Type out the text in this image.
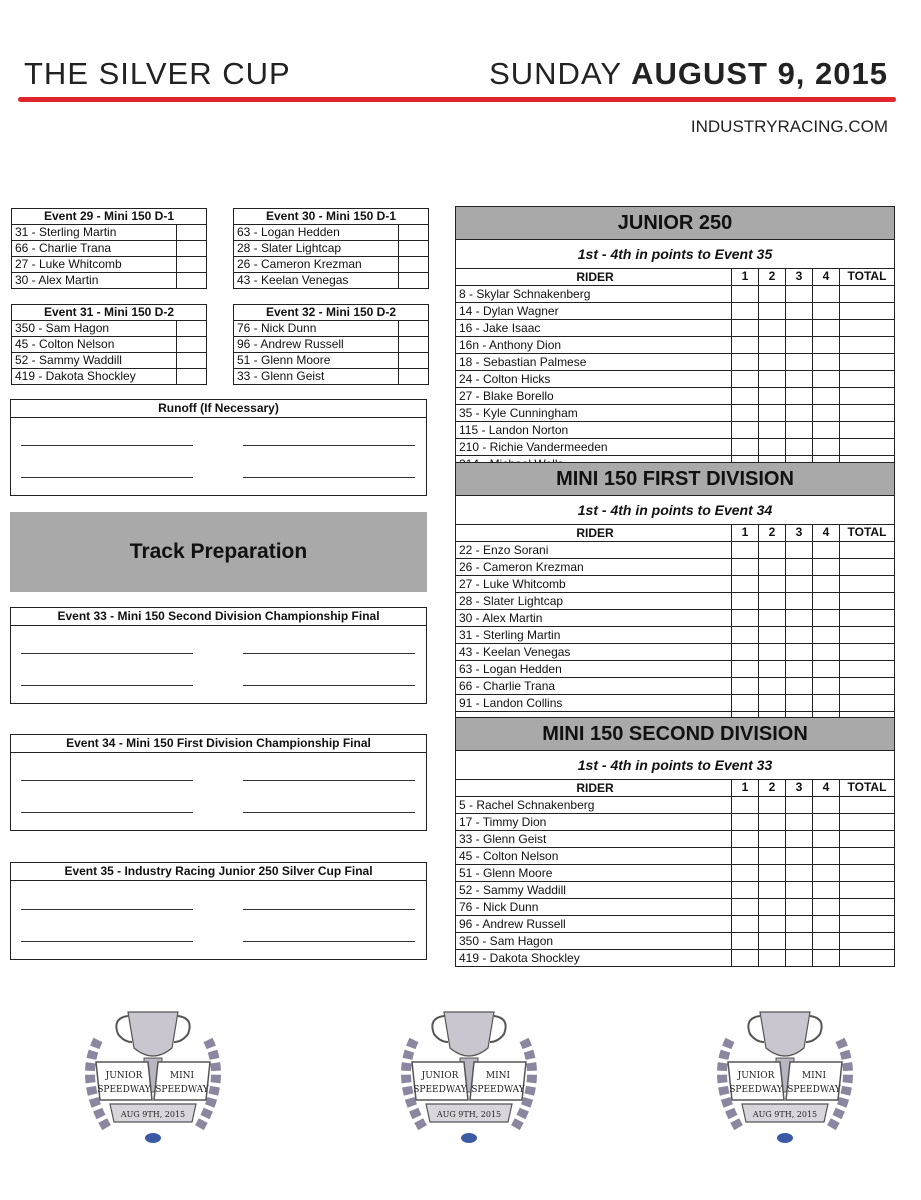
THE SILVER CUP	SUNDAY AUGUST 9, 2015
INDUSTRYRACING.COM
Event 29 - Mini 150 D-1
31 - Sterling Martin
66 - Charlie Trana
27 - Luke Whitcomb
30 - Alex Martin
Event 30 - Mini 150 D-1
63 - Logan Hedden
28 - Slater Lightcap
26 - Cameron Krezman
43 - Keelan Venegas
Event 31 - Mini 150 D-2
350 - Sam Hagon
45 - Colton Nelson
52 - Sammy Waddill
419 - Dakota Shockley
Event 32 - Mini 150 D-2
76 - Nick Dunn
96 - Andrew Russell
51 - Glenn Moore
33 - Glenn Geist
Runoff (If Necessary)
Track Preparation
Event 33 - Mini 150 Second Division Championship Final
Event 34 - Mini 150 First Division Championship Final
Event 35 - Industry Racing Junior 250 Silver Cup Final
JUNIOR 250
1st - 4th in points to Event 35
RIDER	1	2	3	4	TOTAL
8 - Skylar Schnakenberg
14 - Dylan Wagner
16 - Jake Isaac
16n - Anthony Dion
18 - Sebastian Palmese
24 - Colton Hicks
27 - Blake Borello
35 - Kyle Cunningham
115 - Landon Norton
210 - Richie Vandermeeden
MINI 150 FIRST DIVISION
1st - 4th in points to Event 34
RIDER	1	2	3	4	TOTAL
22 - Enzo Sorani
26 - Cameron Krezman
27 - Luke Whitcomb
28 - Slater Lightcap
30 - Alex Martin
31 - Sterling Martin
43 - Keelan Venegas
63 - Logan Hedden
66 - Charlie Trana
91 - Landon Collins
MINI 150 SECOND DIVISION
1st - 4th in points to Event 33
RIDER	1	2	3	4	TOTAL
5 - Rachel Schnakenberg
17 - Timmy Dion
33 - Glenn Geist
45 - Colton Nelson
51 - Glenn Moore
52 - Sammy Waddill
76 - Nick Dunn
96 - Andrew Russell
350 - Sam Hagon
419 - Dakota Shockley
JUNIOR
SPEEDWAY
MINI
SPEEDWAY
AUG 9TH, 2015
JUNIOR
SPEEDWAY
MINI
SPEEDWAY
AUG 9TH, 2015
JUNIOR
SPEEDWAY
MINI
SPEEDWAY
AUG 9TH, 2015
